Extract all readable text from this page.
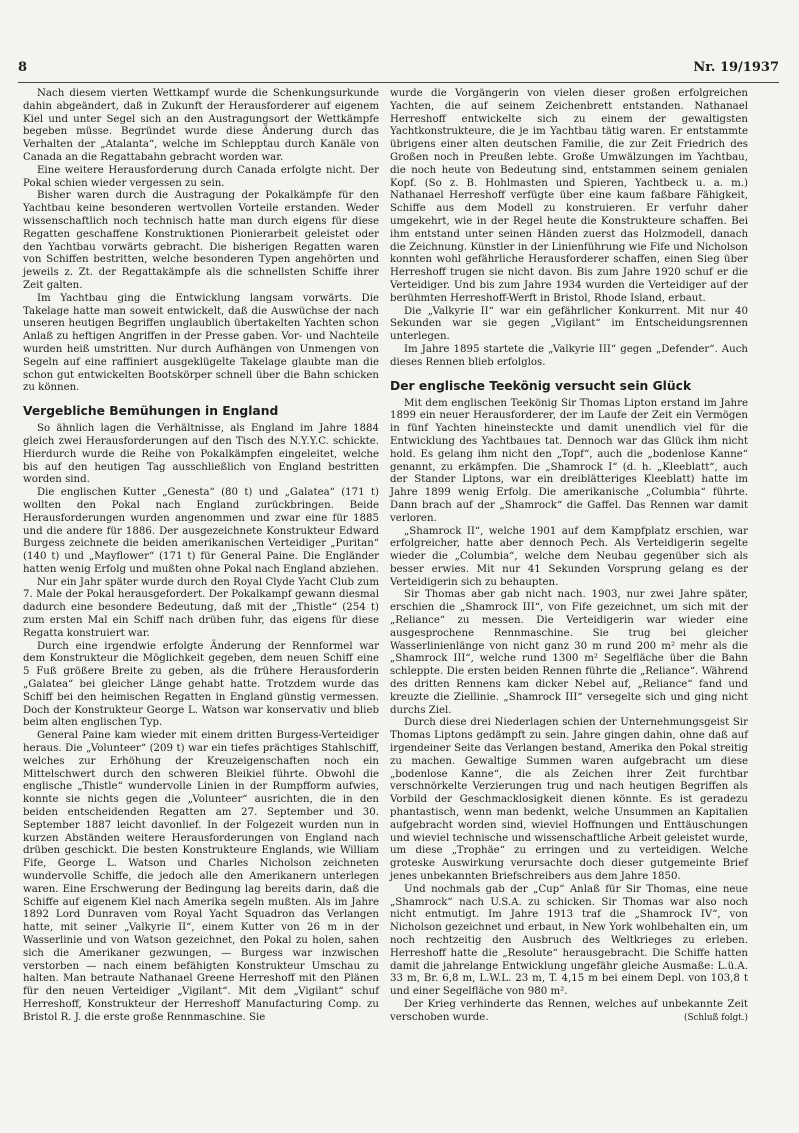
8	Nr. 19/1937

Nach diesem vierten Wettkampf wurde die Schenkungsurkunde dahin abgeändert, daß in Zukunft der Herausforderer auf eigenem Kiel und unter Segel sich an den Austragungsort der Wettkämpfe begeben müsse. Begründet wurde diese Änderung durch das Verhalten der „Atalanta“, welche im Schlepptau durch Kanäle von Canada an die Regattabahn gebracht worden war.

Eine weitere Herausforderung durch Canada erfolgte nicht. Der Pokal schien wieder vergessen zu sein.

Bisher waren durch die Austragung der Pokalkämpfe für den Yachtbau keine besonderen wertvollen Vorteile erstanden. Weder wissenschaftlich noch technisch hatte man durch eigens für diese Regatten geschaffene Konstruktionen Pionierarbeit geleistet oder den Yachtbau vorwärts gebracht. Die bisherigen Regatten waren von Schiffen bestritten, welche besonderen Typen angehörten und jeweils z. Zt. der Regattakämpfe als die schnellsten Schiffe ihrer Zeit galten.

Im Yachtbau ging die Entwicklung langsam vorwärts. Die Takelage hatte man soweit entwickelt, daß die Auswüchse der nach unseren heutigen Begriffen unglaublich übertakelten Yachten schon Anlaß zu heftigen Angriffen in der Presse gaben. Vor- und Nachteile wurden heiß umstritten. Nur durch Aufhängen von Unmengen von Segeln auf eine raffiniert ausgeklügelte Takelage glaubte man die schon gut entwickelten Bootskörper schnell über die Bahn schicken zu können.

Vergebliche Bemühungen in England

So ähnlich lagen die Verhältnisse, als England im Jahre 1884 gleich zwei Herausforderungen auf den Tisch des N.Y.Y.C. schickte. Hierdurch wurde die Reihe von Pokalkämpfen eingeleitet, welche bis auf den heutigen Tag ausschließlich von England bestritten worden sind.

Die englischen Kutter „Genesta“ (80 t) und „Galatea“ (171 t) wollten den Pokal nach England zurückbringen. Beide Herausforderungen wurden angenommen und zwar eine für 1885 und die andere für 1886. Der ausgezeichnete Konstrukteur Edward Burgess zeichnete die beiden amerikanischen Verteidiger „Puritan“ (140 t) und „Mayflower“ (171 t) für General Paine. Die Engländer hatten wenig Erfolg und mußten ohne Pokal nach England abziehen.

Nur ein Jahr später wurde durch den Royal Clyde Yacht Club zum 7. Male der Pokal herausgefordert. Der Pokalkampf gewann diesmal dadurch eine besondere Bedeutung, daß mit der „Thistle“ (254 t) zum ersten Mal ein Schiff nach drüben fuhr, das eigens für diese Regatta konstruiert war.

Durch eine irgendwie erfolgte Änderung der Rennformel war dem Konstrukteur die Möglichkeit gegeben, dem neuen Schiff eine 5 Fuß größere Breite zu geben, als die frühere Herausforderin „Galatea“ bei gleicher Länge gehabt hatte. Trotzdem wurde das Schiff bei den heimischen Regatten in England günstig vermessen. Doch der Konstrukteur George L. Watson war konservativ und blieb beim alten englischen Typ.

General Paine kam wieder mit einem dritten Burgess-Verteidiger heraus. Die „Volunteer“ (209 t) war ein tiefes prächtiges Stahlschiff, welches zur Erhöhung der Kreuzeigenschaften noch ein Mittelschwert durch den schweren Bleikiel führte. Obwohl die englische „Thistle“ wundervolle Linien in der Rumpfform aufwies, konnte sie nichts gegen die „Volunteer“ ausrichten, die in den beiden entscheidenden Regatten am 27. September und 30. September 1887 leicht davonlief. In der Folgezeit wurden nun in kurzen Abständen weitere Herausforderungen von England nach drüben geschickt. Die besten Konstrukteure Englands, wie William Fife, George L. Watson und Charles Nicholson zeichneten wundervolle Schiffe, die jedoch alle den Amerikanern unterlegen waren. Eine Erschwerung der Bedingung lag bereits darin, daß die Schiffe auf eigenem Kiel nach Amerika segeln mußten. Als im Jahre 1892 Lord Dunraven vom Royal Yacht Squadron das Verlangen hatte, mit seiner „Valkyrie II“, einem Kutter von 26 m in der Wasserlinie und von Watson gezeichnet, den Pokal zu holen, sahen sich die Amerikaner gezwungen, — Burgess war inzwischen verstorben — nach einem befähigten Konstrukteur Umschau zu halten. Man betraute Nathanael Greene Herreshoff mit den Plänen für den neuen Verteidiger „Vigilant“. Mit dem „Vigilant“ schuf Herreshoff, Konstrukteur der Herreshoff Manufacturing Comp. zu Bristol R. J. die erste große Rennmaschine. Sie

wurde die Vorgängerin von vielen dieser großen erfolgreichen Yachten, die auf seinem Zeichenbrett entstanden. Nathanael Herreshoff entwickelte sich zu einem der gewaltigsten Yachtkonstrukteure, die je im Yachtbau tätig waren. Er entstammte übrigens einer alten deutschen Familie, die zur Zeit Friedrich des Großen noch in Preußen lebte. Große Umwälzungen im Yachtbau, die noch heute von Bedeutung sind, entstammen seinem genialen Kopf. (So z. B. Hohlmasten und Spieren, Yachtbeck u. a. m.) Nathanael Herreshoff verfügte über eine kaum faßbare Fähigkeit, Schiffe aus dem Modell zu konstruieren. Er verfuhr daher umgekehrt, wie in der Regel heute die Konstrukteure schaffen. Bei ihm entstand unter seinen Händen zuerst das Holzmodell, danach die Zeichnung. Künstler in der Linienführung wie Fife und Nicholson konnten wohl gefährliche Herausforderer schaffen, einen Sieg über Herreshoff trugen sie nicht davon. Bis zum Jahre 1920 schuf er die Verteidiger. Und bis zum Jahre 1934 wurden die Verteidiger auf der berühmten Herreshoff-Werft in Bristol, Rhode Island, erbaut.

Die „Valkyrie II“ war ein gefährlicher Konkurrent. Mit nur 40 Sekunden war sie gegen „Vigilant“ im Entscheidungsrennen unterlegen.

Im Jahre 1895 startete die „Valkyrie III“ gegen „Defender“. Auch dieses Rennen blieb erfolglos.

Der englische Teekönig versucht sein Glück

Mit dem englischen Teekönig Sir Thomas Lipton erstand im Jahre 1899 ein neuer Herausforderer, der im Laufe der Zeit ein Vermögen in fünf Yachten hineinsteckte und damit unendlich viel für die Entwicklung des Yachtbaues tat. Dennoch war das Glück ihm nicht hold. Es gelang ihm nicht den „Topf“, auch die „bodenlose Kanne“ genannt, zu erkämpfen. Die „Shamrock I“ (d. h. „Kleeblatt“, auch der Stander Liptons, war ein dreiblätteriges Kleeblatt) hatte im Jahre 1899 wenig Erfolg. Die amerikanische „Columbia“ führte. Dann brach auf der „Shamrock“ die Gaffel. Das Rennen war damit verloren.

„Shamrock II“, welche 1901 auf dem Kampfplatz erschien, war erfolgreicher, hatte aber dennoch Pech. Als Verteidigerin segelte wieder die „Columbia“, welche dem Neubau gegenüber sich als besser erwies. Mit nur 41 Sekunden Vorsprung gelang es der Verteidigerin sich zu behaupten.

Sir Thomas aber gab nicht nach. 1903, nur zwei Jahre später, erschien die „Shamrock III“, von Fife gezeichnet, um sich mit der „Reliance“ zu messen. Die Verteidigerin war wieder eine ausgesprochene Rennmaschine. Sie trug bei gleicher Wasserlinienlänge von nicht ganz 30 m rund 200 m² mehr als die „Shamrock III“, welche rund 1300 m² Segelfläche über die Bahn schleppte. Die ersten beiden Rennen führte die „Reliance“. Während des dritten Rennens kam dicker Nebel auf, „Reliance“ fand und kreuzte die Ziellinie. „Shamrock III“ versegelte sich und ging nicht durchs Ziel.

Durch diese drei Niederlagen schien der Unternehmungsgeist Sir Thomas Liptons gedämpft zu sein. Jahre gingen dahin, ohne daß auf irgendeiner Seite das Verlangen bestand, Amerika den Pokal streitig zu machen. Gewaltige Summen waren aufgebracht um diese „bodenlose Kanne“, die als Zeichen ihrer Zeit furchtbar verschnörkelte Verzierungen trug und nach heutigen Begriffen als Vorbild der Geschmacklosigkeit dienen könnte. Es ist geradezu phantastisch, wenn man bedenkt, welche Unsummen an Kapitalien aufgebracht worden sind, wieviel Hoffnungen und Enttäuschungen und wieviel technische und wissenschaftliche Arbeit geleistet wurde, um diese „Trophäe“ zu erringen und zu verteidigen. Welche groteske Auswirkung verursachte doch dieser gutgemeinte Brief jenes unbekannten Briefschreibers aus dem Jahre 1850.

Und nochmals gab der „Cup“ Anlaß für Sir Thomas, eine neue „Shamrock“ nach U.S.A. zu schicken. Sir Thomas war also noch nicht entmutigt. Im Jahre 1913 traf die „Shamrock IV“, von Nicholson gezeichnet und erbaut, in New York wohlbehalten ein, um noch rechtzeitig den Ausbruch des Weltkrieges zu erleben. Herreshoff hatte die „Resolute“ herausgebracht. Die Schiffe hatten damit die jahrelange Entwicklung ungefähr gleiche Ausmaße: L.ü.A. 33 m, Br. 6,8 m, L.W.L. 23 m, T. 4,15 m bei einem Depl. von 103,8 t und einer Segelfläche von 980 m².

Der Krieg verhinderte das Rennen, welches auf unbekannte Zeit verschoben wurde.	(Schluß folgt.)
